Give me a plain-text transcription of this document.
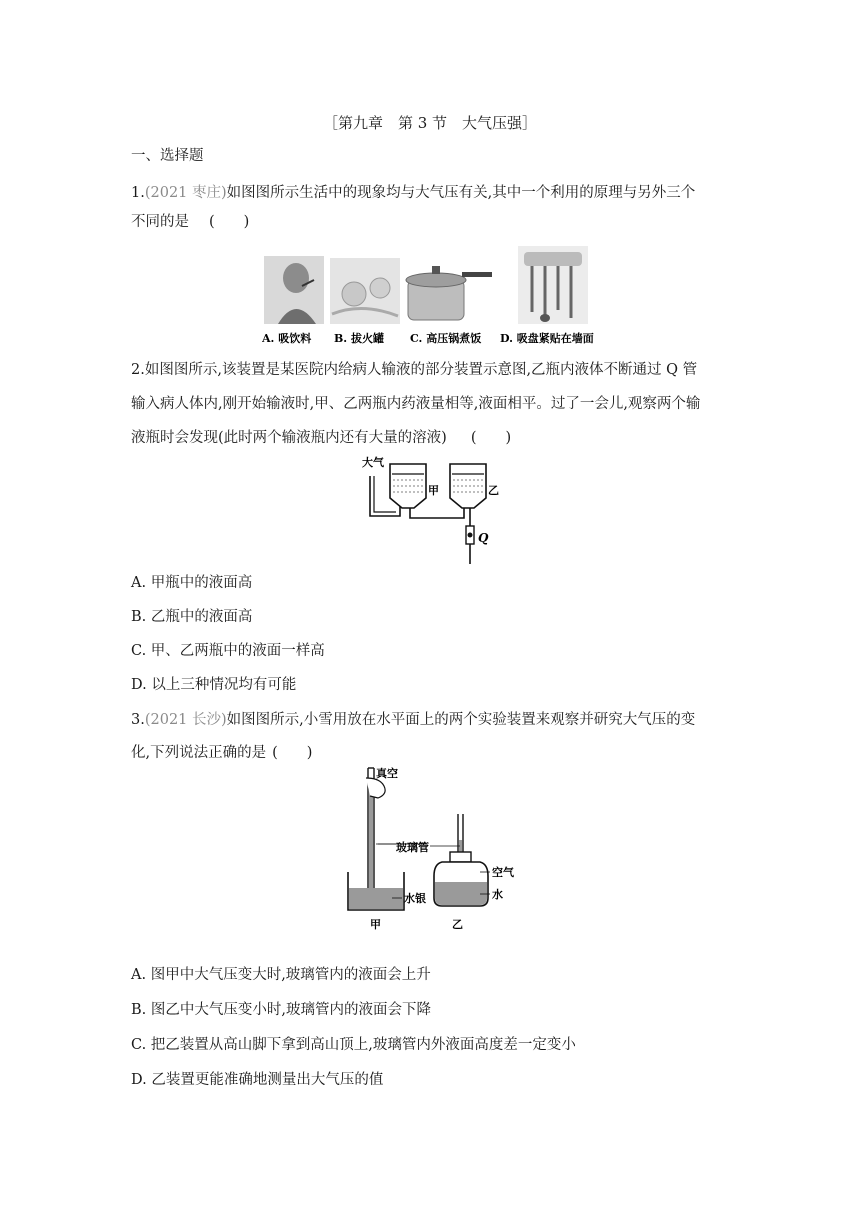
［第九章　第 3 节　大气压强］
一、选择题
1.(2021 枣庄)如图图所示生活中的现象均与大气压有关,其中一个利用的原理与另外三个
不同的是 (　　)
A. 吸饮料 B. 拔火罐 C. 高压锅煮饭 D. 吸盘紧贴在墙面
2.如图图所示,该装置是某医院内给病人输液的部分装置示意图,乙瓶内液体不断通过 Q 管
输入病人体内,刚开始输液时,甲、乙两瓶内药液量相等,液面相平。过了一会儿,观察两个输
液瓶时会发现(此时两个输液瓶内还有大量的溶液) (　　)
大气
甲	乙
Q
A. 甲瓶中的液面高
B. 乙瓶中的液面高
C. 甲、乙两瓶中的液面一样高
D. 以上三种情况均有可能
3.(2021 长沙)如图图所示,小雪用放在水平面上的两个实验装置来观察并研究大气压的变
化,下列说法正确的是 (　　)
真空
玻璃管
空气
水
水银
甲	乙
A. 图甲中大气压变大时,玻璃管内的液面会上升
B. 图乙中大气压变小时,玻璃管内的液面会下降
C. 把乙装置从高山脚下拿到高山顶上,玻璃管内外液面高度差一定变小
D. 乙装置更能准确地测量出大气压的值
